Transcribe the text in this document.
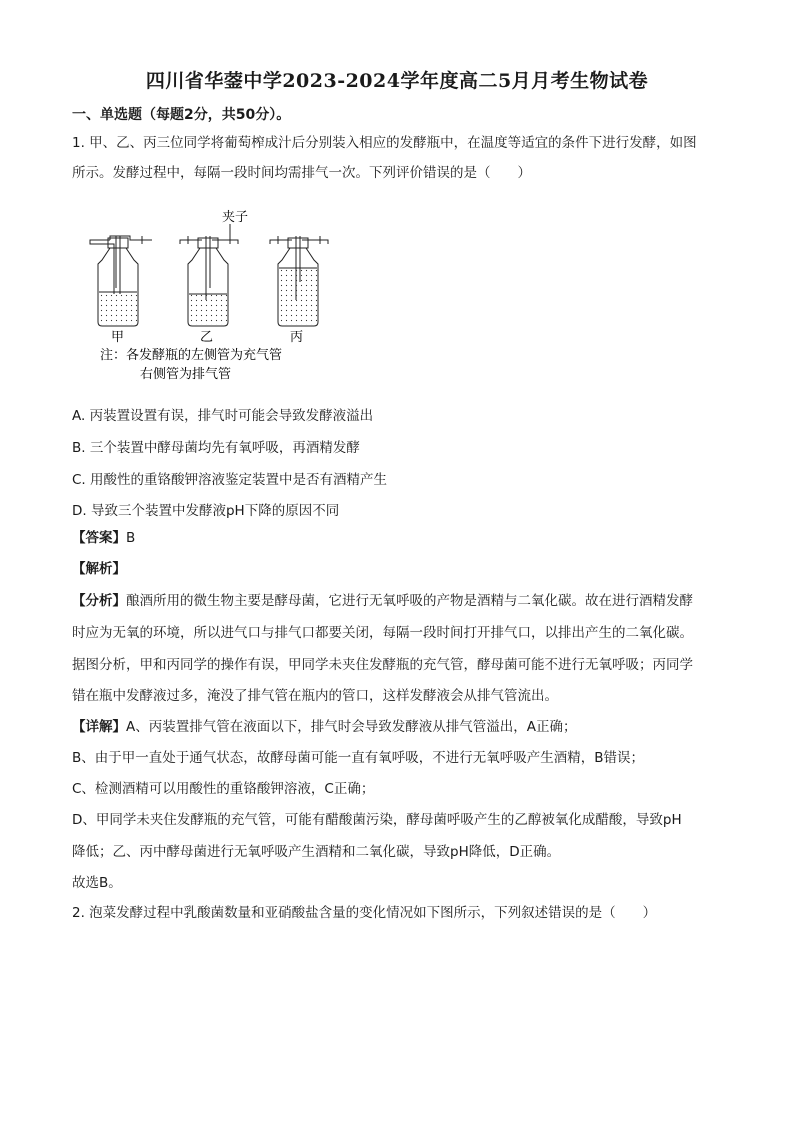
四川省华蓥中学2023-2024学年度高二5月月考生物试卷
一、单选题（每题2分，共50分）。
1. 甲、乙、丙三位同学将葡萄榨成汁后分别装入相应的发酵瓶中，在温度等适宜的条件下进行发酵，如图
所示。发酵过程中，每隔一段时间均需排气一次。下列评价错误的是（　　）
夹子
甲	乙	丙
注：各发酵瓶的左侧管为充气管
右侧管为排气管
A. 丙装置设置有误，排气时可能会导致发酵液溢出
B. 三个装置中酵母菌均先有氧呼吸，再酒精发酵
C. 用酸性的重铬酸钾溶液鉴定装置中是否有酒精产生
D. 导致三个装置中发酵液pH下降的原因不同
【答案】B
【解析】
【分析】酿酒所用的微生物主要是酵母菌，它进行无氧呼吸的产物是酒精与二氧化碳。故在进行酒精发酵
时应为无氧的环境，所以进气口与排气口都要关闭，每隔一段时间打开排气口，以排出产生的二氧化碳。
据图分析，甲和丙同学的操作有误，甲同学未夹住发酵瓶的充气管，酵母菌可能不进行无氧呼吸；丙同学
错在瓶中发酵液过多，淹没了排气管在瓶内的管口，这样发酵液会从排气管流出。
【详解】A、丙装置排气管在液面以下，排气时会导致发酵液从排气管溢出，A正确；
B、由于甲一直处于通气状态，故酵母菌可能一直有氧呼吸，不进行无氧呼吸产生酒精，B错误；
C、检测酒精可以用酸性的重铬酸钾溶液，C正确；
D、甲同学未夹住发酵瓶的充气管，可能有醋酸菌污染，酵母菌呼吸产生的乙醇被氧化成醋酸，导致pH
降低；乙、丙中酵母菌进行无氧呼吸产生酒精和二氧化碳，导致pH降低，D正确。
故选B。
2. 泡菜发酵过程中乳酸菌数量和亚硝酸盐含量的变化情况如下图所示，下列叙述错误的是（　　）
